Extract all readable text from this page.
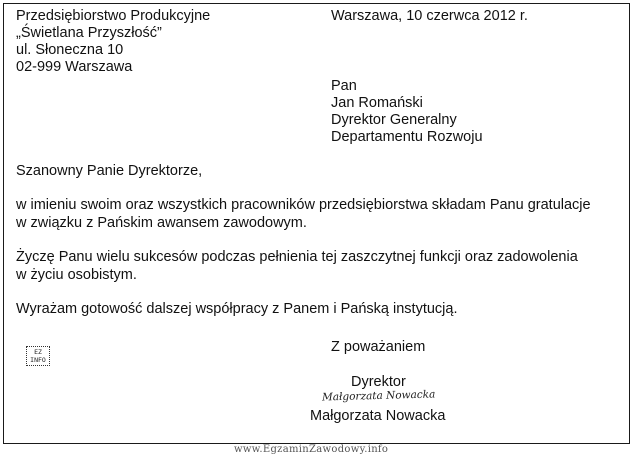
Przedsiębiorstwo Produkcyjne
„Świetlana Przyszłość”
ul. Słoneczna 10
02-999 Warszawa
Warszawa, 10 czerwca 2012 r.
Pan
Jan Romański
Dyrektor Generalny
Departamentu Rozwoju
Szanowny Panie Dyrektorze,
w imieniu swoim oraz wszystkich pracowników przedsiębiorstwa składam Panu gratulacje
w związku z Pańskim awansem zawodowym.
Życzę Panu wielu sukcesów podczas pełnienia tej zaszczytnej funkcji oraz zadowolenia
w życiu osobistym.
Wyrażam gotowość dalszej współpracy z Panem i Pańską instytucją.
EZ
INFO
Z poważaniem
Dyrektor
Małgorzata Nowacka
Małgorzata Nowacka
www.EgzaminZawodowy.info
